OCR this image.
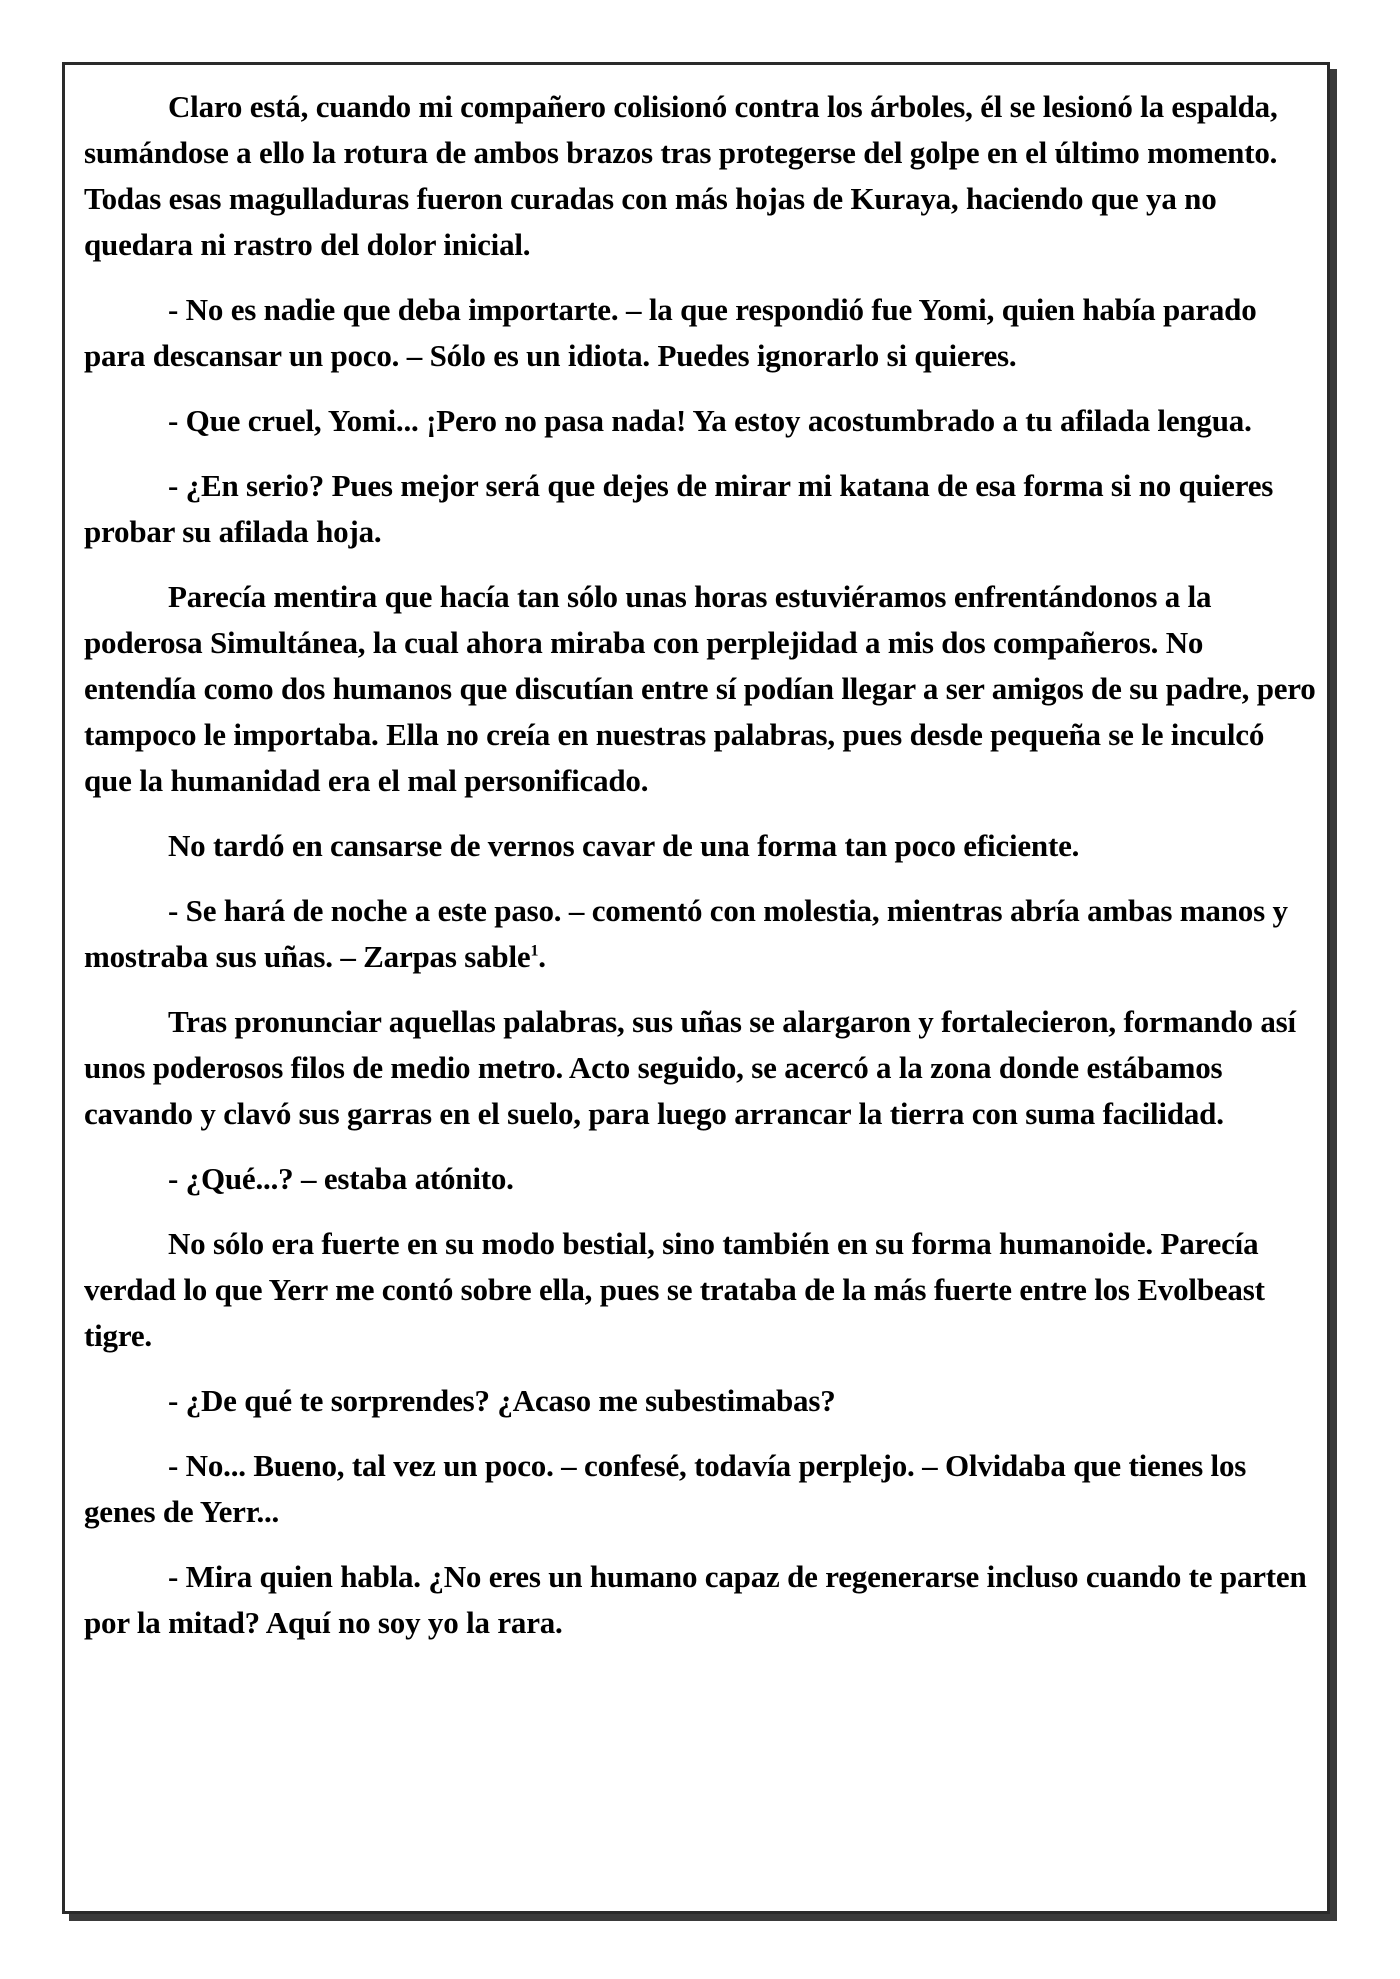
Claro está, cuando mi compañero colisionó contra los árboles, él se lesionó la espalda, sumándose a ello la rotura de ambos brazos tras protegerse del golpe en el último momento. Todas esas magulladuras fueron curadas con más hojas de Kuraya, haciendo que ya no quedara ni rastro del dolor inicial.

- No es nadie que deba importarte. – la que respondió fue Yomi, quien había parado para descansar un poco. – Sólo es un idiota. Puedes ignorarlo si quieres.

- Que cruel, Yomi... ¡Pero no pasa nada! Ya estoy acostumbrado a tu afilada lengua.

- ¿En serio? Pues mejor será que dejes de mirar mi katana de esa forma si no quieres probar su afilada hoja.

Parecía mentira que hacía tan sólo unas horas estuviéramos enfrentándonos a la poderosa Simultánea, la cual ahora miraba con perplejidad a mis dos compañeros. No entendía como dos humanos que discutían entre sí podían llegar a ser amigos de su padre, pero tampoco le importaba. Ella no creía en nuestras palabras, pues desde pequeña se le inculcó que la humanidad era el mal personificado.

No tardó en cansarse de vernos cavar de una forma tan poco eficiente.

- Se hará de noche a este paso. – comentó con molestia, mientras abría ambas manos y mostraba sus uñas. – Zarpas sable$^1$.

Tras pronunciar aquellas palabras, sus uñas se alargaron y fortalecieron, formando así unos poderosos filos de medio metro. Acto seguido, se acercó a la zona donde estábamos cavando y clavó sus garras en el suelo, para luego arrancar la tierra con suma facilidad.

- ¿Qué...? – estaba atónito.

No sólo era fuerte en su modo bestial, sino también en su forma humanoide. Parecía verdad lo que Yerr me contó sobre ella, pues se trataba de la más fuerte entre los Evolbeast tigre.

- ¿De qué te sorprendes? ¿Acaso me subestimabas?

- No... Bueno, tal vez un poco. – confesé, todavía perplejo. – Olvidaba que tienes los genes de Yerr...

- Mira quien habla. ¿No eres un humano capaz de regenerarse incluso cuando te parten por la mitad? Aquí no soy yo la rara.
